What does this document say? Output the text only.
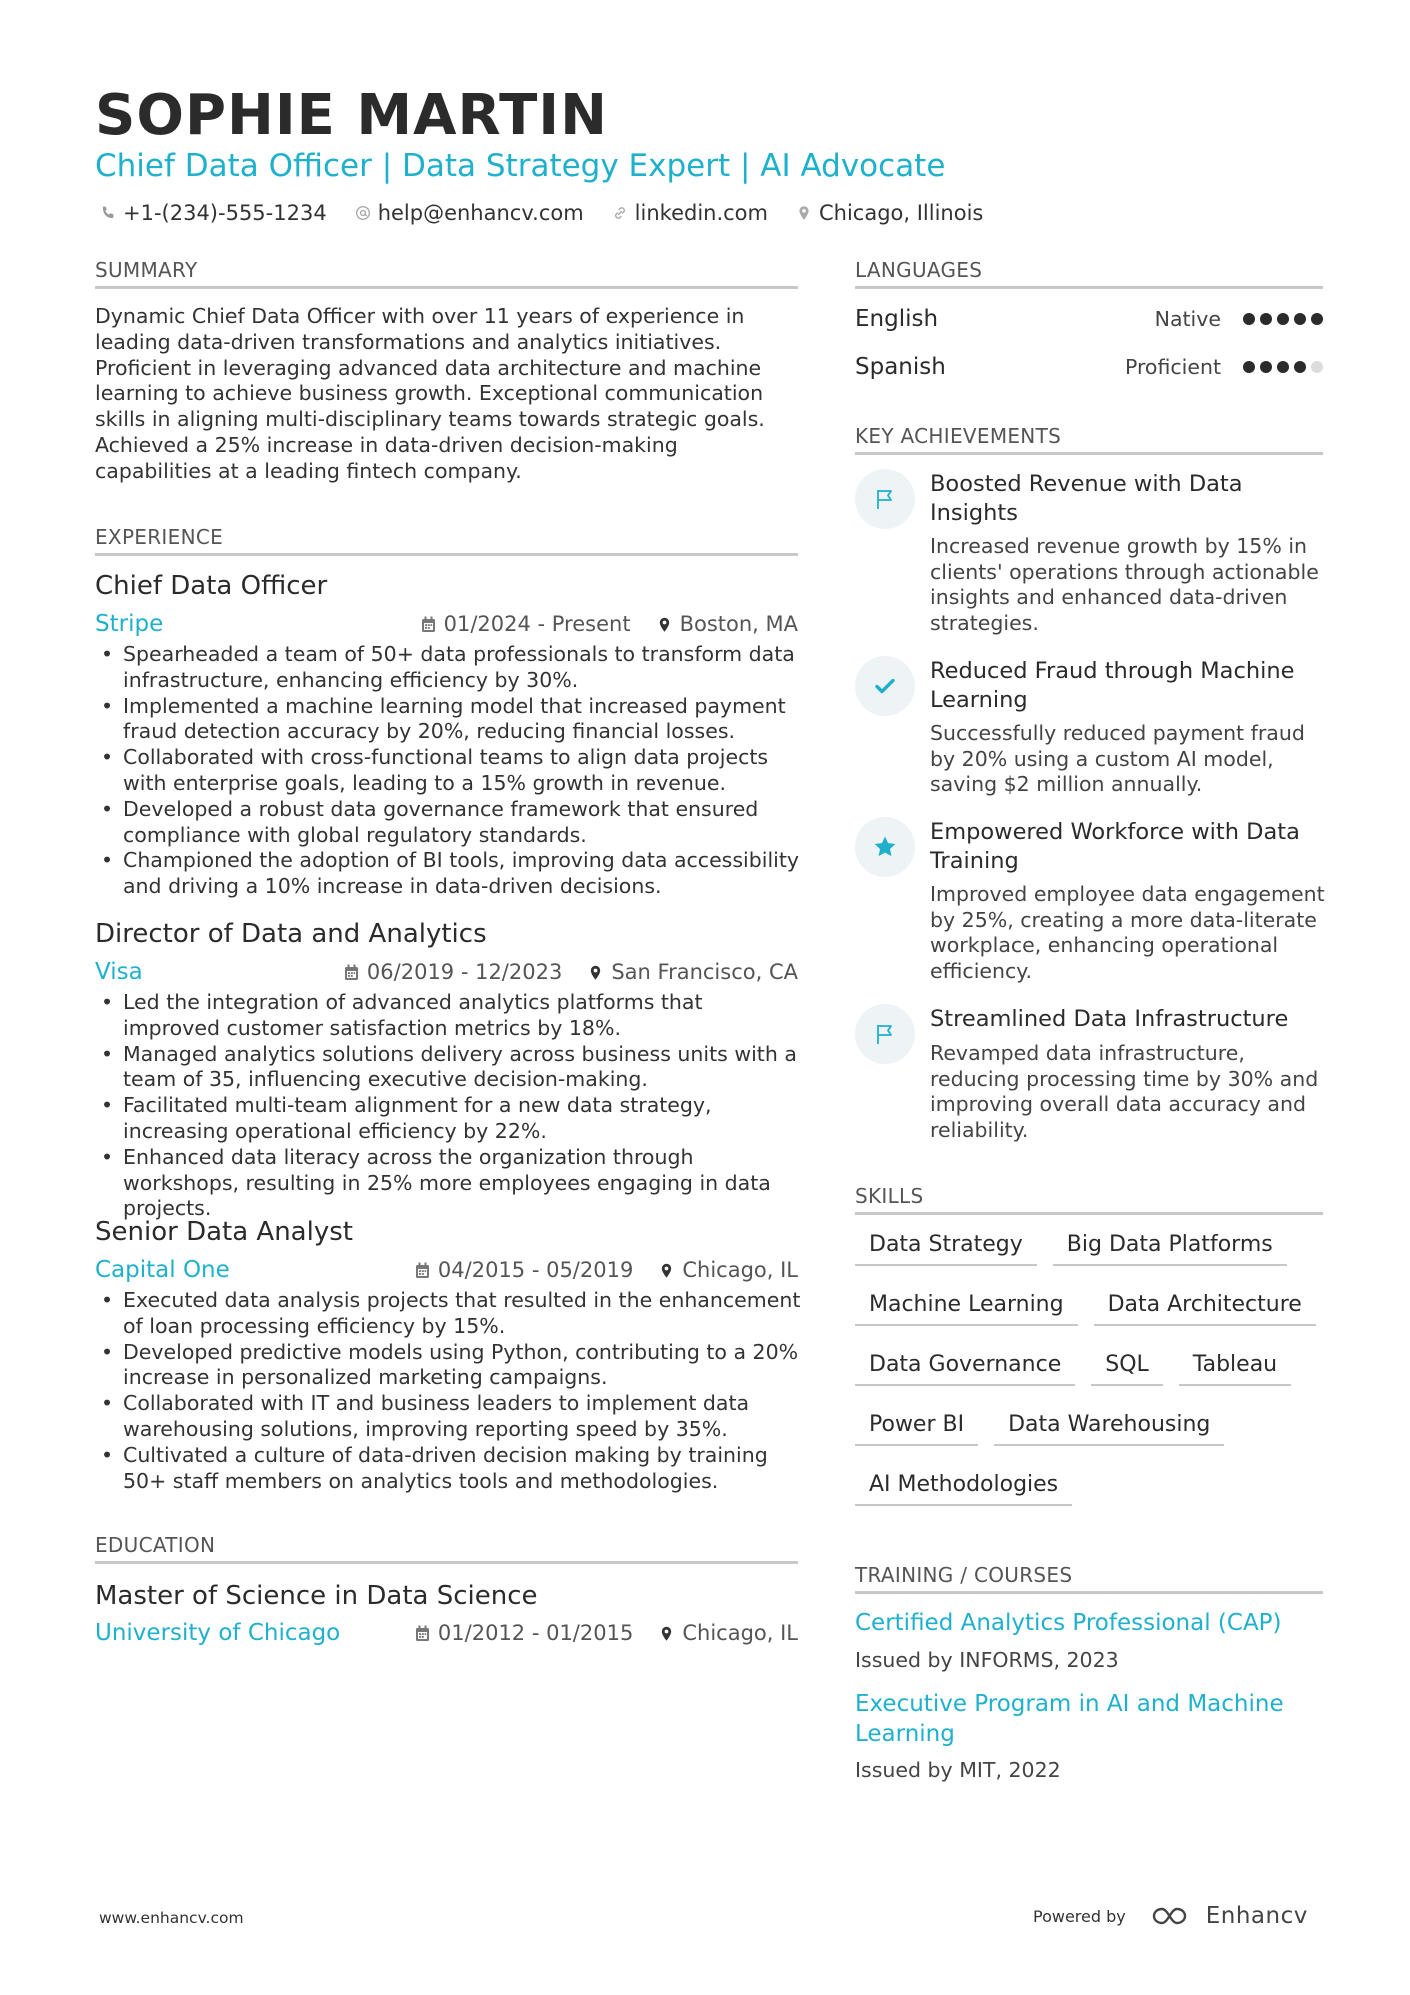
SOPHIE MARTIN
Chief Data Officer | Data Strategy Expert | AI Advocate
+1-(234)-555-1234 help@enhancv.com linkedin.com Chicago, Illinois
SUMMARY
Dynamic Chief Data Officer with over 11 years of experience in leading data-driven transformations and analytics initiatives. Proficient in leveraging advanced data architecture and machine learning to achieve business growth. Exceptional communication skills in aligning multi-disciplinary teams towards strategic goals. Achieved a 25% increase in data-driven decision-making capabilities at a leading fintech company.
EXPERIENCE
Chief Data Officer
Stripe	01/2024 - Present Boston, MA
• Spearheaded a team of 50+ data professionals to transform data infrastructure, enhancing efficiency by 30%.
• Implemented a machine learning model that increased payment fraud detection accuracy by 20%, reducing financial losses.
• Collaborated with cross-functional teams to align data projects with enterprise goals, leading to a 15% growth in revenue.
• Developed a robust data governance framework that ensured compliance with global regulatory standards.
• Championed the adoption of BI tools, improving data accessibility and driving a 10% increase in data-driven decisions.
Director of Data and Analytics
Visa	06/2019 - 12/2023 San Francisco, CA
• Led the integration of advanced analytics platforms that improved customer satisfaction metrics by 18%.
• Managed analytics solutions delivery across business units with a team of 35, influencing executive decision-making.
• Facilitated multi-team alignment for a new data strategy, increasing operational efficiency by 22%.
• Enhanced data literacy across the organization through workshops, resulting in 25% more employees engaging in data projects.
Senior Data Analyst
Capital One	04/2015 - 05/2019 Chicago, IL
• Executed data analysis projects that resulted in the enhancement of loan processing efficiency by 15%.
• Developed predictive models using Python, contributing to a 20% increase in personalized marketing campaigns.
• Collaborated with IT and business leaders to implement data warehousing solutions, improving reporting speed by 35%.
• Cultivated a culture of data-driven decision making by training 50+ staff members on analytics tools and methodologies.
EDUCATION
Master of Science in Data Science
University of Chicago	01/2012 - 01/2015 Chicago, IL
LANGUAGES
English	Native
Spanish	Proficient
KEY ACHIEVEMENTS
Boosted Revenue with Data Insights
Increased revenue growth by 15% in clients' operations through actionable insights and enhanced data-driven strategies.
Reduced Fraud through Machine Learning
Successfully reduced payment fraud by 20% using a custom AI model, saving $2 million annually.
Empowered Workforce with Data Training
Improved employee data engagement by 25%, creating a more data-literate workplace, enhancing operational efficiency.
Streamlined Data Infrastructure
Revamped data infrastructure, reducing processing time by 30% and improving overall data accuracy and reliability.
SKILLS
Data Strategy	Big Data Platforms
Machine Learning	Data Architecture
Data Governance	SQL	Tableau
Power BI	Data Warehousing
AI Methodologies
TRAINING / COURSES
Certified Analytics Professional (CAP)
Issued by INFORMS, 2023
Executive Program in AI and Machine Learning
Issued by MIT, 2022
www.enhancv.com	Powered by	Enhancv
